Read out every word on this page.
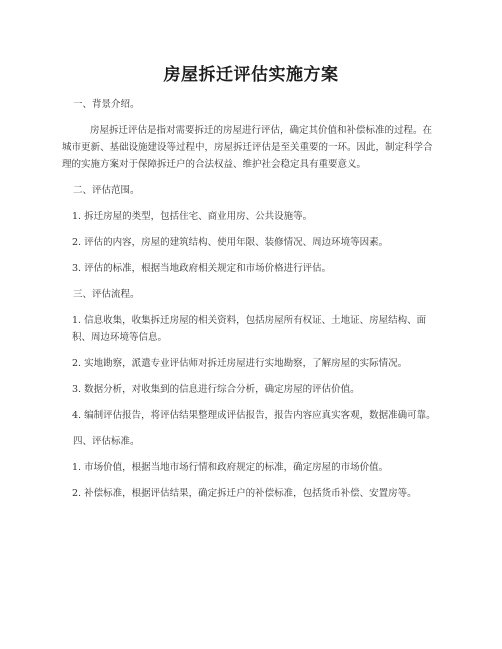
房屋拆迁评估实施方案

一、背景介绍。

房屋拆迁评估是指对需要拆迁的房屋进行评估，确定其价值和补偿标准的过程。在城市更新、基础设施建设等过程中，房屋拆迁评估是至关重要的一环。因此，制定科学合理的实施方案对于保障拆迁户的合法权益、维护社会稳定具有重要意义。

二、评估范围。

1. 拆迁房屋的类型，包括住宅、商业用房、公共设施等。

2. 评估的内容，房屋的建筑结构、使用年限、装修情况、周边环境等因素。

3. 评估的标准，根据当地政府相关规定和市场价格进行评估。

三、评估流程。

1. 信息收集，收集拆迁房屋的相关资料，包括房屋所有权证、土地证、房屋结构、面积、周边环境等信息。

2. 实地勘察，派遣专业评估师对拆迁房屋进行实地勘察，了解房屋的实际情况。

3. 数据分析，对收集到的信息进行综合分析，确定房屋的评估价值。

4. 编制评估报告，将评估结果整理成评估报告，报告内容应真实客观，数据准确可靠。

四、评估标准。

1. 市场价值，根据当地市场行情和政府规定的标准，确定房屋的市场价值。

2. 补偿标准，根据评估结果，确定拆迁户的补偿标准，包括货币补偿、安置房等。
